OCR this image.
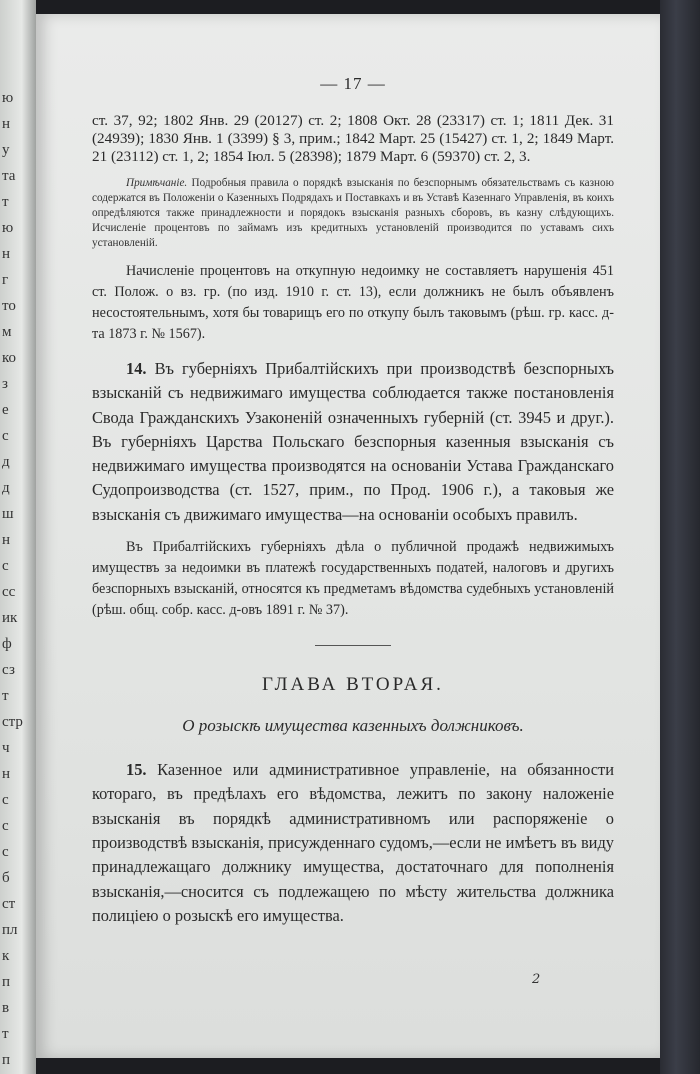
ю
н
у
та
т
ю
н
г
то
м
ко
з
e
с
д
д
ш
н
с
сс
ик
ф
сз
т
стр
ч
н
с
с
с
б
ст
пл
к
п
в
т
п
— 17 —
ст. 37, 92; 1802 Янв. 29 (20127) ст. 2; 1808 Окт. 28 (23317) ст. 1; 1811 Дек. 31 (24939); 1830 Янв. 1 (3399) § 3, прим.; 1842 Март. 25 (15427) ст. 1, 2; 1849 Март. 21 (23112) ст. 1, 2; 1854 Іюл. 5 (28398); 1879 Март. 6 (59370) ст. 2, 3.
Примѣчаніе. Подробныя правила о порядкѣ взысканія по безспорнымъ обязательствамъ съ казною содержатся въ Положеніи о Казенныхъ Подрядахъ и Поставкахъ и въ Уставѣ Казеннаго Управленія, въ коихъ опредѣляются также принадлежности и порядокъ взысканія разныхъ сборовъ, въ казну слѣдующихъ. Исчисленіе процентовъ по займамъ изъ кредитныхъ установленій производится по уставамъ сихъ установленій.
Начисленіе процентовъ на откупную недоимку не составляетъ нарушенія 451 ст. Полож. о вз. гр. (по изд. 1910 г. ст. 13), если должникъ не былъ объявленъ несостоятельнымъ, хотя бы товарищъ его по откупу былъ таковымъ (рѣш. гр. касс. д-та 1873 г. № 1567).
14. Въ губерніяхъ Прибалтійскихъ при производствѣ безспорныхъ взысканій съ недвижимаго имущества соблюдается также постановленія Свода Гражданскихъ Узаконеній означенныхъ губерній (ст. 3945 и друг.). Въ губерніяхъ Царства Польскаго безспорныя казенныя взысканія съ недвижимаго имущества производятся на основаніи Устава Гражданскаго Судопроизводства (ст. 1527, прим., по Прод. 1906 г.), а таковыя же взысканія съ движимаго имущества—на основаніи особыхъ правилъ.
Въ Прибалтійскихъ губерніяхъ дѣла о публичной продажѣ недвижимыхъ имуществъ за недоимки въ платежѣ государственныхъ податей, налоговъ и другихъ безспорныхъ взысканій, относятся къ предметамъ вѣдомства судебныхъ установленій (рѣш. общ. собр. касс. д-овъ 1891 г. № 37).
ГЛАВА ВТОРАЯ.
О розыскѣ имущества казенныхъ должниковъ.
15. Казенное или административное управленіе, на обязанности котораго, въ предѣлахъ его вѣдомства, лежитъ по закону наложеніе взысканія въ порядкѣ административномъ или распоряженіе о производствѣ взысканія, присужденнаго судомъ,—если не имѣетъ въ виду принадлежащаго должнику имущества, достаточнаго для пополненія взысканія,—сносится съ подлежащею по мѣсту жительства должника полиціею о розыскѣ его имущества.
2
